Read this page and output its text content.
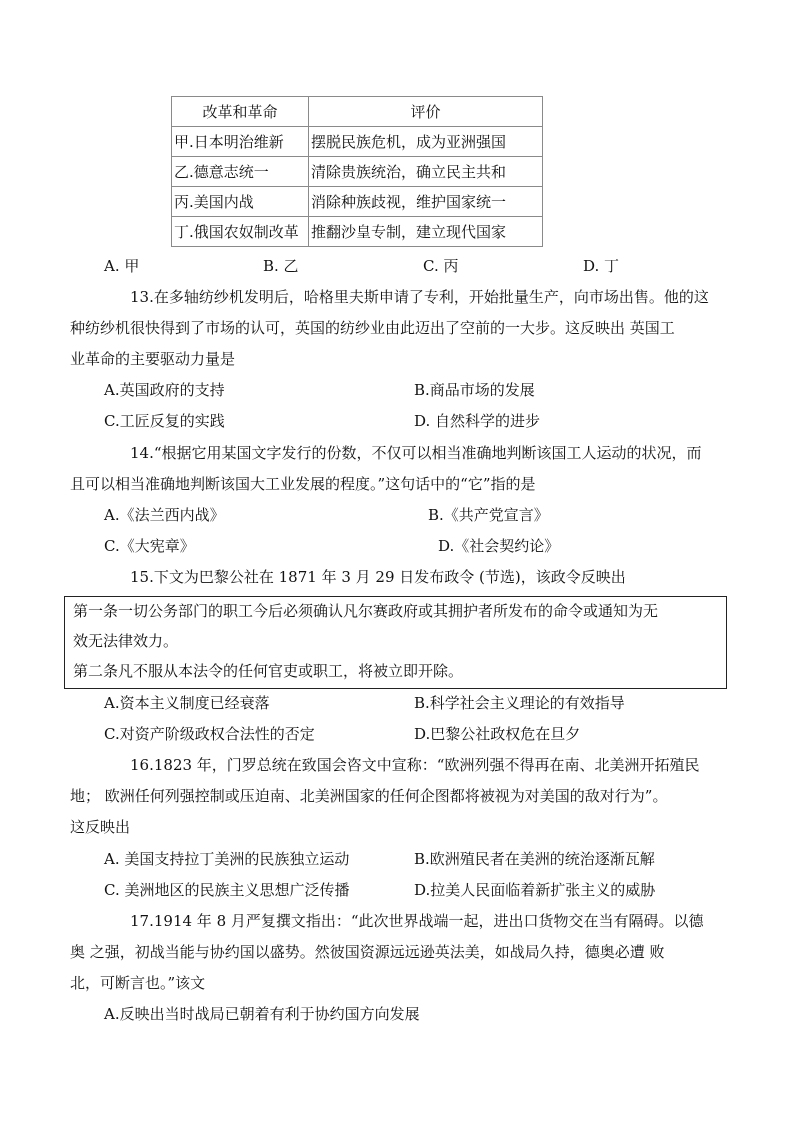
改革和革命	评价
甲.日本明治维新	摆脱民族危机，成为亚洲强国
乙.德意志统一	清除贵族统治，确立民主共和
丙.美国内战	消除种族歧视，维护国家统一
丁.俄国农奴制改革	推翻沙皇专制，建立现代国家
A. 甲	B. 乙	C. 丙	D. 丁
13.在多轴纺纱机发明后，哈格里夫斯申请了专利，开始批量生产，向市场出售。他的这
种纺纱机很快得到了市场的认可，英国的纺纱业由此迈出了空前的一大步。这反映出 英国工
业革命的主要驱动力量是
A.英国政府的支持	B.商品市场的发展
C.工匠反复的实践	D. 自然科学的进步
14.“根据它用某国文字发行的份数，不仅可以相当准确地判断该国工人运动的状况，而
且可以相当准确地判断该国大工业发展的程度。”这句话中的“它”指的是
A.《法兰西内战》	B.《共产党宣言》
C.《大宪章》	D.《社会契约论》
15.下文为巴黎公社在 1871 年 3 月 29 日发布政令 (节选)，该政令反映出
第一条一切公务部门的职工今后必须确认凡尔赛政府或其拥护者所发布的命令或通知为无
效无法律效力。
第二条凡不服从本法令的任何官吏或职工，将被立即开除。
A.资本主义制度已经衰落	B.科学社会主义理论的有效指导
C.对资产阶级政权合法性的否定	D.巴黎公社政权危在旦夕
16.1823 年，门罗总统在致国会咨文中宣称：“欧洲列强不得再在南、北美洲开拓殖民
地； 欧洲任何列强控制或压迫南、北美洲国家的任何企图都将被视为对美国的敌对行为”。
这反映出
A. 美国支持拉丁美洲的民族独立运动	B.欧洲殖民者在美洲的统治逐渐瓦解
C. 美洲地区的民族主义思想广泛传播	D.拉美人民面临着新扩张主义的威胁
17.1914 年 8 月严复撰文指出：“此次世界战端一起，进出口货物交在当有隔碍。以德
奥 之强，初战当能与协约国以盛势。然彼国资源远远逊英法美，如战局久持，德奥必遭 败
北，可断言也。”该文
A.反映出当时战局已朝着有利于协约国方向发展
